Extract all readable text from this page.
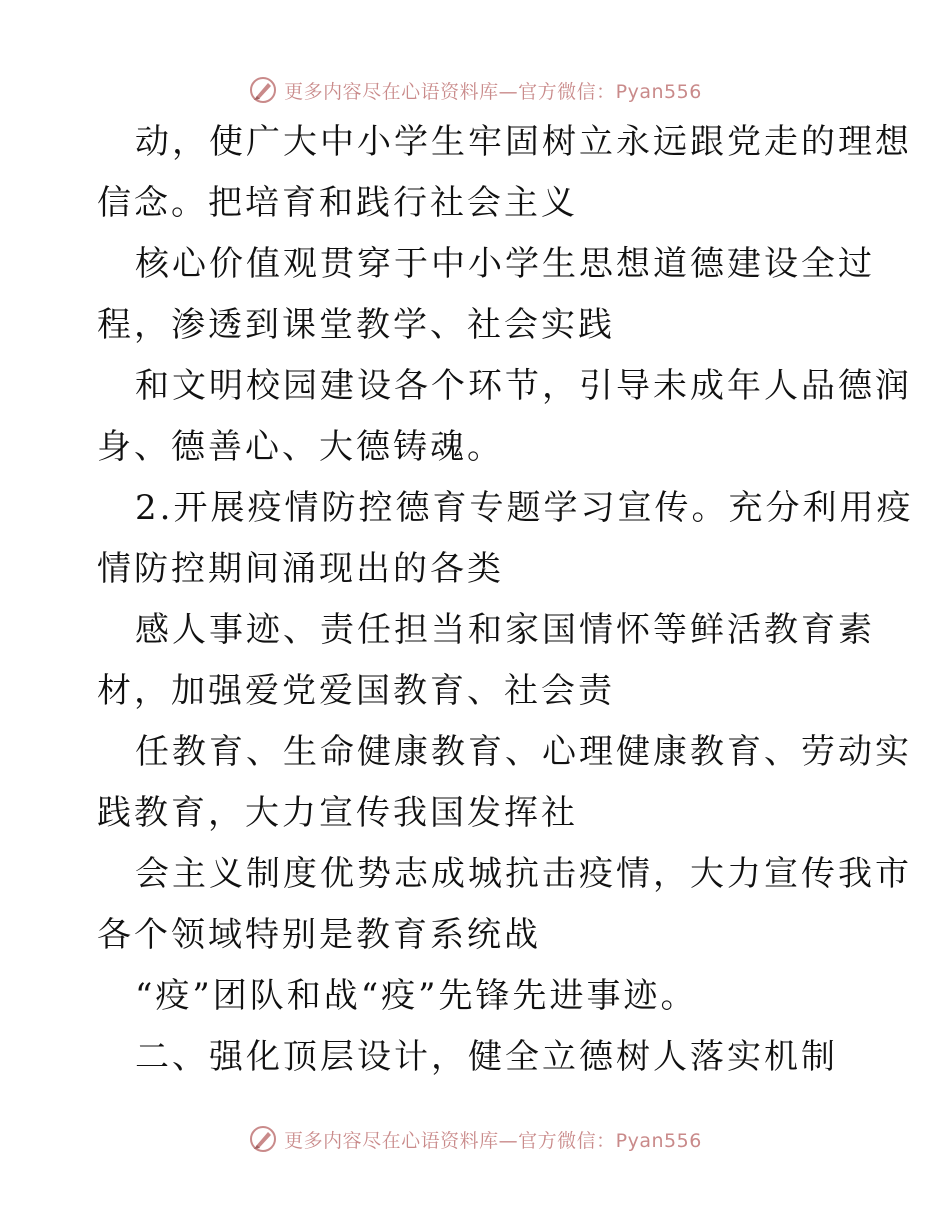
更多内容尽在心语资料库—官方微信：Pyan556
动，使广大中小学生牢固树立永远跟党走的理想
信念。把培育和践行社会主义
核心价值观贯穿于中小学生思想道德建设全过
程，渗透到课堂教学、社会实践
和文明校园建设各个环节，引导未成年人品德润
身、德善心、大德铸魂。
2.开展疫情防控德育专题学习宣传。充分利用疫
情防控期间涌现出的各类
感人事迹、责任担当和家国情怀等鲜活教育素
材，加强爱党爱国教育、社会责
任教育、生命健康教育、心理健康教育、劳动实
践教育，大力宣传我国发挥社
会主义制度优势志成城抗击疫情，大力宣传我市
各个领域特别是教育系统战
“疫”团队和战“疫”先锋先进事迹。
二、强化顶层设计，健全立德树人落实机制
更多内容尽在心语资料库—官方微信：Pyan556
